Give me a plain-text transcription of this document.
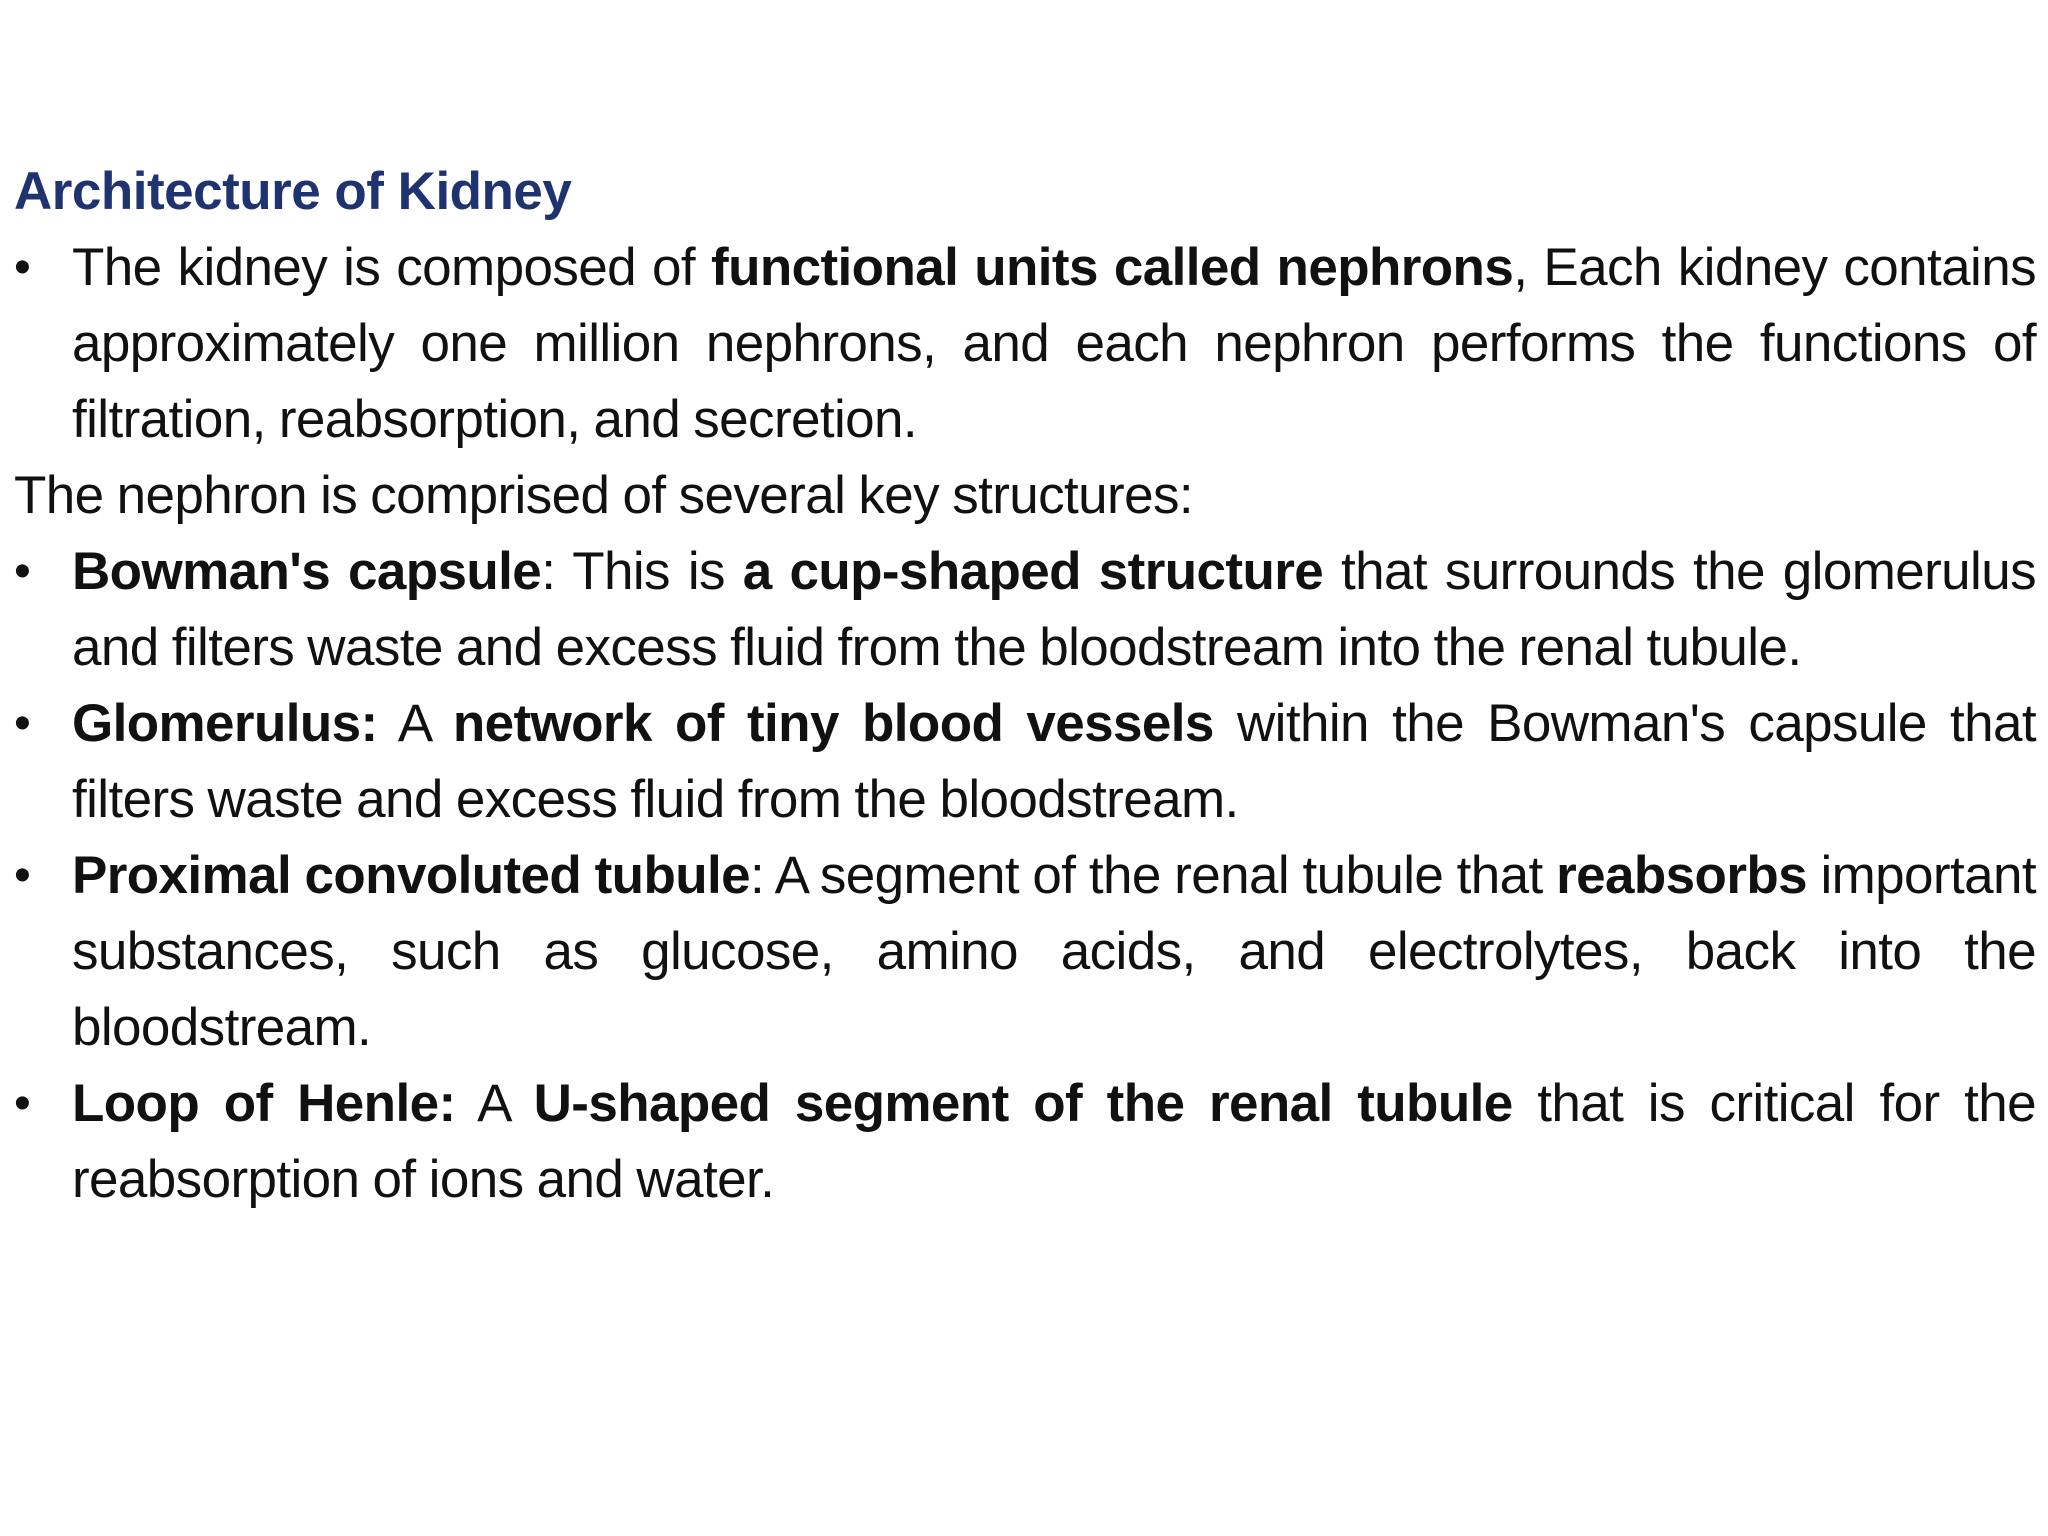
Architecture of Kidney

• The kidney is composed of functional units called nephrons, Each kidney contains approximately one million nephrons, and each nephron performs the functions of filtration, reabsorption, and secretion.

The nephron is comprised of several key structures:

• Bowman's capsule: This is a cup-shaped structure that surrounds the glomerulus and filters waste and excess fluid from the bloodstream into the renal tubule.

• Glomerulus: A network of tiny blood vessels within the Bowman's capsule that filters waste and excess fluid from the bloodstream.

• Proximal convoluted tubule: A segment of the renal tubule that reabsorbs important substances, such as glucose, amino acids, and electrolytes, back into the bloodstream.

• Loop of Henle: A U-shaped segment of the renal tubule that is critical for the reabsorption of ions and water.
